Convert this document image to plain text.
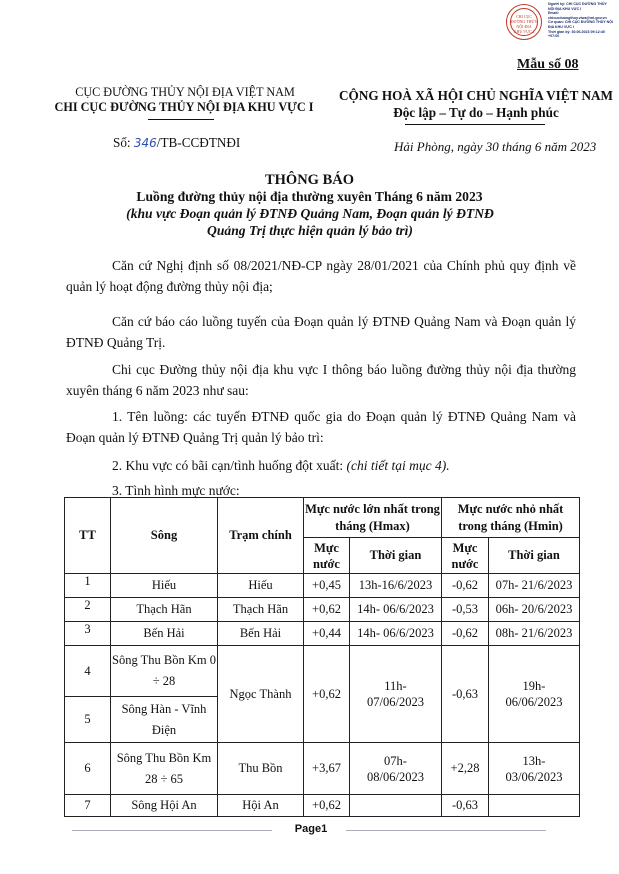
CHI CỤC
ĐƯỜNG THỦY
NỘI ĐỊA
KHU VỰC I
Người ký: CHI CỤC ĐƯỜNG THỦY
NỘI ĐỊA KHU VỰC I
Email: chicucduongthuy.viwa@mt.gov.vn
Cơ quan: CHI CỤC ĐƯỜNG THỦY NỘI
ĐỊA KHU VỰC I
Thời gian ký: 30.06.2023 09:12:40
+07:00
Mẫu số 08
CỤC ĐƯỜNG THỦY NỘI ĐỊA VIỆT NAM
CHI CỤC ĐƯỜNG THỦY NỘI ĐỊA KHU VỰC I
CỘNG HOÀ XÃ HỘI CHỦ NGHĨA VIỆT NAM
Độc lập – Tự do – Hạnh phúc
Số: 346/TB-CCĐTNĐI	Hải Phòng, ngày 30 tháng 6 năm 2023
THÔNG BÁO
Luồng đường thủy nội địa thường xuyên Tháng 6 năm 2023
(khu vực Đoạn quản lý ĐTNĐ Quảng Nam, Đoạn quản lý ĐTNĐ Quảng Trị thực hiện quản lý bảo trì)
Căn cứ Nghị định số 08/2021/NĐ-CP ngày 28/01/2021 của Chính phủ quy định về quản lý hoạt động đường thủy nội địa;
Căn cứ báo cáo luồng tuyến của Đoạn quản lý ĐTNĐ Quảng Nam và Đoạn quản lý ĐTNĐ Quảng Trị.
Chi cục Đường thủy nội địa khu vực I thông báo luồng đường thủy nội địa thường xuyên tháng 6 năm 2023 như sau:
1. Tên luồng: các tuyến ĐTNĐ quốc gia do Đoạn quản lý ĐTNĐ Quảng Nam và Đoạn quản lý ĐTNĐ Quảng Trị quản lý bảo trì:
2. Khu vực có bãi cạn/tình huống đột xuất: (chi tiết tại mục 4).
3. Tình hình mực nước:
TT	Sông	Trạm chính	Mực nước lớn nhất trong tháng (Hmax)		Mực nước nhỏ nhất trong tháng (Hmin)	
			Mực nước	Thời gian	Mực nước	Thời gian
1	Hiếu	Hiếu	+0,45	13h-16/6/2023	-0,62	07h- 21/6/2023
2	Thạch Hãn	Thạch Hãn	+0,62	14h- 06/6/2023	-0,53	06h- 20/6/2023
3	Bến Hải	Bến Hải	+0,44	14h- 06/6/2023	-0,62	08h- 21/6/2023
4	Sông Thu Bồn Km 0 ÷ 28	Ngọc Thành	+0,62	11h- 07/06/2023	-0,63	19h- 06/06/2023
5	Sông Hàn - Vĩnh Điện					
6	Sông Thu Bồn Km 28 ÷ 65	Thu Bồn	+3,67	07h- 08/06/2023	+2,28	13h- 03/06/2023
7	Sông Hội An	Hội An	+0,62		-0,63	
Page1
